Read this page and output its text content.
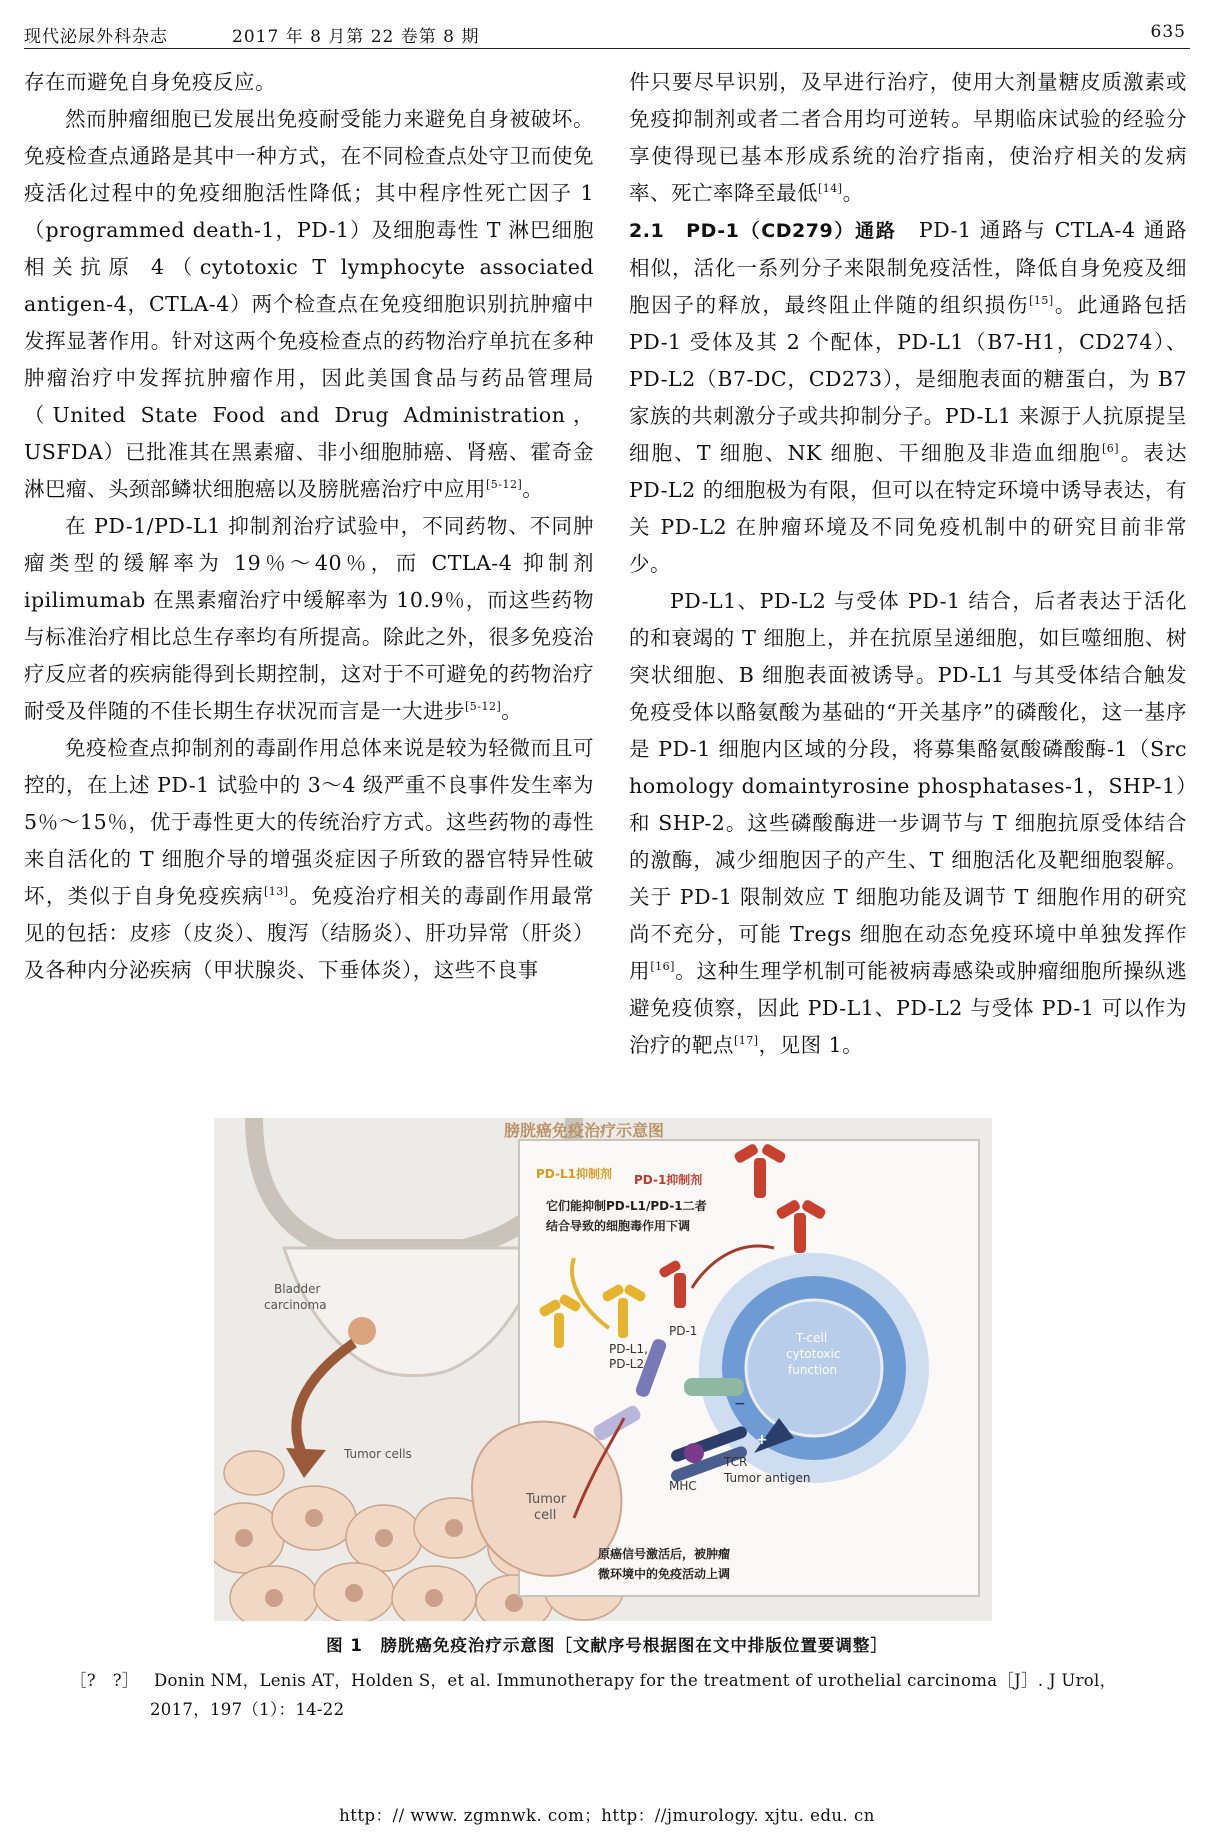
现代泌尿外科杂志	2017 年 8 月第 22 卷第 8 期	635

存在而避免自身免疫反应。

然而肿瘤细胞已发展出免疫耐受能力来避免自身被破坏。免疫检查点通路是其中一种方式，在不同检查点处守卫而使免疫活化过程中的免疫细胞活性降低；其中程序性死亡因子 1（programmed death-1，PD-1）及细胞毒性 T 淋巴细胞相关抗原 4（cytotoxic T lymphocyte associated antigen-4，CTLA-4）两个检查点在免疫细胞识别抗肿瘤中发挥显著作用。针对这两个免疫检查点的药物治疗单抗在多种肿瘤治疗中发挥抗肿瘤作用，因此美国食品与药品管理局（United State Food and Drug Administration，USFDA）已批准其在黑素瘤、非小细胞肺癌、肾癌、霍奇金淋巴瘤、头颈部鳞状细胞癌以及膀胱癌治疗中应用[5-12]。

在 PD-1/PD-L1 抑制剂治疗试验中，不同药物、不同肿瘤类型的缓解率为 19％～40％，而 CTLA-4 抑制剂 ipilimumab 在黑素瘤治疗中缓解率为 10.9％，而这些药物与标准治疗相比总生存率均有所提高。除此之外，很多免疫治疗反应者的疾病能得到长期控制，这对于不可避免的药物治疗耐受及伴随的不佳长期生存状况而言是一大进步[5-12]。

免疫检查点抑制剂的毒副作用总体来说是较为轻微而且可控的，在上述 PD-1 试验中的 3～4 级严重不良事件发生率为 5％～15％，优于毒性更大的传统治疗方式。这些药物的毒性来自活化的 T 细胞介导的增强炎症因子所致的器官特异性破坏，类似于自身免疫疾病[13]。免疫治疗相关的毒副作用最常见的包括：皮疹（皮炎）、腹泻（结肠炎）、肝功异常（肝炎）及各种内分泌疾病（甲状腺炎、下垂体炎），这些不良事

件只要尽早识别，及早进行治疗，使用大剂量糖皮质激素或免疫抑制剂或者二者合用均可逆转。早期临床试验的经验分享使得现已基本形成系统的治疗指南，使治疗相关的发病率、死亡率降至最低[14]。

2.1　PD-1（CD279）通路　PD-1 通路与 CTLA-4 通路相似，活化一系列分子来限制免疫活性，降低自身免疫及细胞因子的释放，最终阻止伴随的组织损伤[15]。此通路包括 PD-1 受体及其 2 个配体，PD-L1（B7-H1，CD274）、PD-L2（B7-DC，CD273），是细胞表面的糖蛋白，为 B7 家族的共刺激分子或共抑制分子。PD-L1 来源于人抗原提呈细胞、T 细胞、NK 细胞、干细胞及非造血细胞[6]。表达 PD-L2 的细胞极为有限，但可以在特定环境中诱导表达，有关 PD-L2 在肿瘤环境及不同免疫机制中的研究目前非常少。

PD-L1、PD-L2 与受体 PD-1 结合，后者表达于活化的和衰竭的 T 细胞上，并在抗原呈递细胞，如巨噬细胞、树突状细胞、B 细胞表面被诱导。PD-L1 与其受体结合触发免疫受体以酪氨酸为基础的“开关基序”的磷酸化，这一基序是 PD-1 细胞内区域的分段，将募集酪氨酸磷酸酶-1（Src homology domaintyrosine phosphatases-1，SHP-1）和 SHP-2。这些磷酸酶进一步调节与 T 细胞抗原受体结合的激酶，减少细胞因子的产生、T 细胞活化及靶细胞裂解。关于 PD-1 限制效应 T 细胞功能及调节 T 细胞作用的研究尚不充分，可能 Tregs 细胞在动态免疫环境中单独发挥作用[16]。这种生理学机制可能被病毒感染或肿瘤细胞所操纵逃避免疫侦察，因此 PD-L1、PD-L2 与受体 PD-1 可以作为治疗的靶点[17]，见图 1。

膀胱癌免疫治疗示意图
PD-L1抑制剂 PD-1抑制剂
它们能抑制PD-L1/PD-1二者
结合导致的细胞毒作用下调
Bladder
carcinoma
Tumor cells
PD-1
PD-L1,
PD-L2
Tumor
cell
MHC
TCR
Tumor antigen
T-cell
cytotoxic
function
−
+
原癌信号激活后，被肿瘤
微环境中的免疫活动上调
图 1　膀胱癌免疫治疗示意图［文献序号根据图在文中排版位置要调整］
［?　?］ Donin NM，Lenis AT，Holden S，et al. Immunotherapy for the treatment of urothelial carcinoma［J］. J Urol，
2017，197（1）：14-22
http：// www. zgmnwk. com；http：//jmurology. xjtu. edu. cn
